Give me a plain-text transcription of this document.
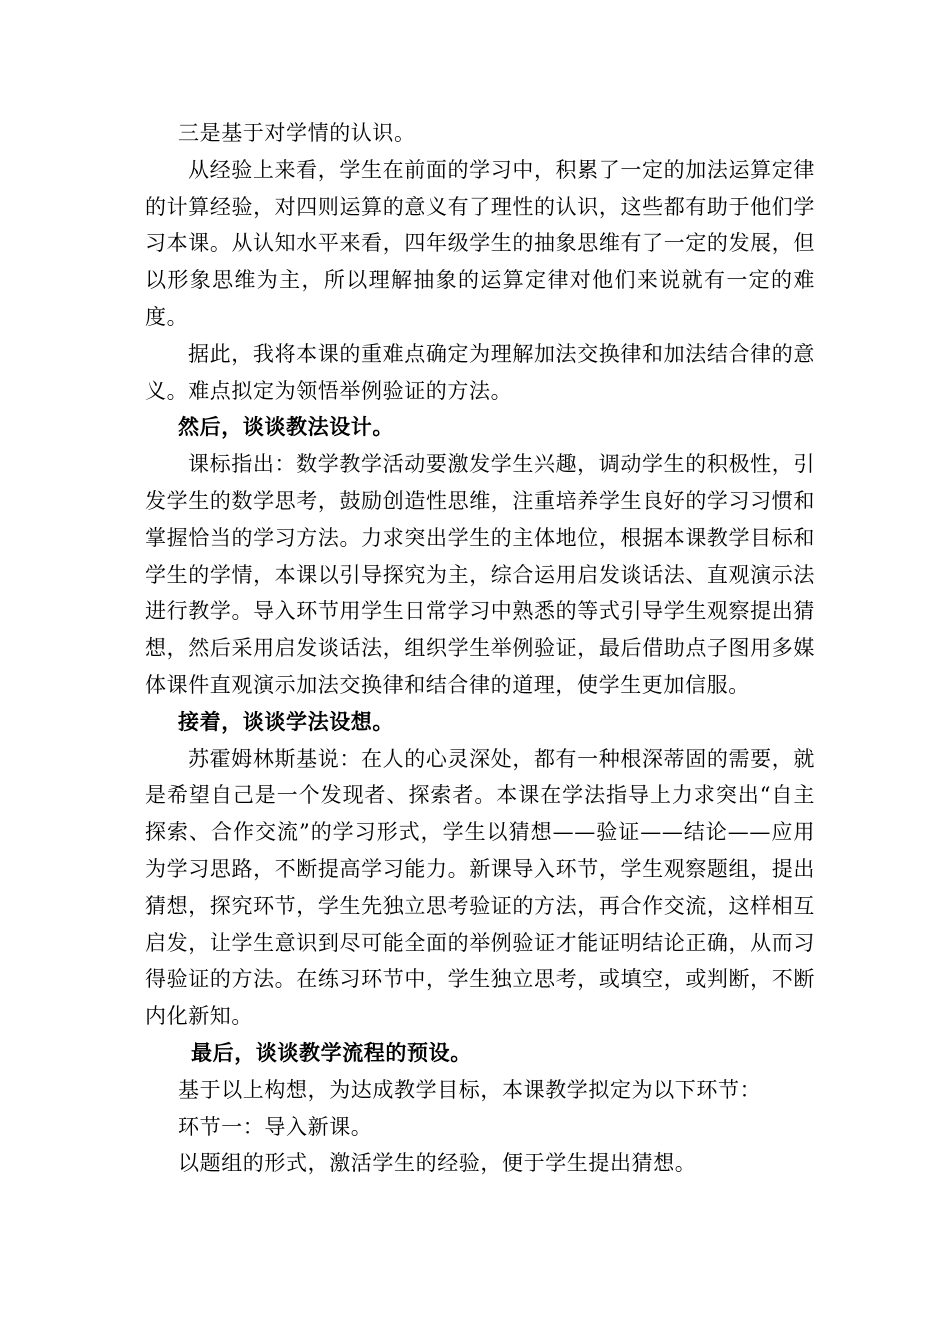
三是基于对学情的认识。

从经验上来看，学生在前面的学习中，积累了一定的加法运算定律的计算经验，对四则运算的意义有了理性的认识，这些都有助于他们学习本课。从认知水平来看，四年级学生的抽象思维有了一定的发展，但以形象思维为主，所以理解抽象的运算定律对他们来说就有一定的难度。

据此，我将本课的重难点确定为理解加法交换律和加法结合律的意义。难点拟定为领悟举例验证的方法。

然后，谈谈教法设计。

课标指出：数学教学活动要激发学生兴趣，调动学生的积极性，引发学生的数学思考，鼓励创造性思维，注重培养学生良好的学习习惯和掌握恰当的学习方法。力求突出学生的主体地位，根据本课教学目标和学生的学情，本课以引导探究为主，综合运用启发谈话法、直观演示法进行教学。导入环节用学生日常学习中熟悉的等式引导学生观察提出猜想，然后采用启发谈话法，组织学生举例验证，最后借助点子图用多媒体课件直观演示加法交换律和结合律的道理，使学生更加信服。

接着，谈谈学法设想。

苏霍姆林斯基说：在人的心灵深处，都有一种根深蒂固的需要，就是希望自己是一个发现者、探索者。本课在学法指导上力求突出“自主探索、合作交流”的学习形式，学生以猜想——验证——结论——应用为学习思路，不断提高学习能力。新课导入环节，学生观察题组，提出猜想，探究环节，学生先独立思考验证的方法，再合作交流，这样相互启发，让学生意识到尽可能全面的举例验证才能证明结论正确，从而习得验证的方法。在练习环节中，学生独立思考，或填空，或判断，不断内化新知。

最后，谈谈教学流程的预设。

基于以上构想，为达成教学目标，本课教学拟定为以下环节：

环节一：导入新课。

以题组的形式，激活学生的经验，便于学生提出猜想。
